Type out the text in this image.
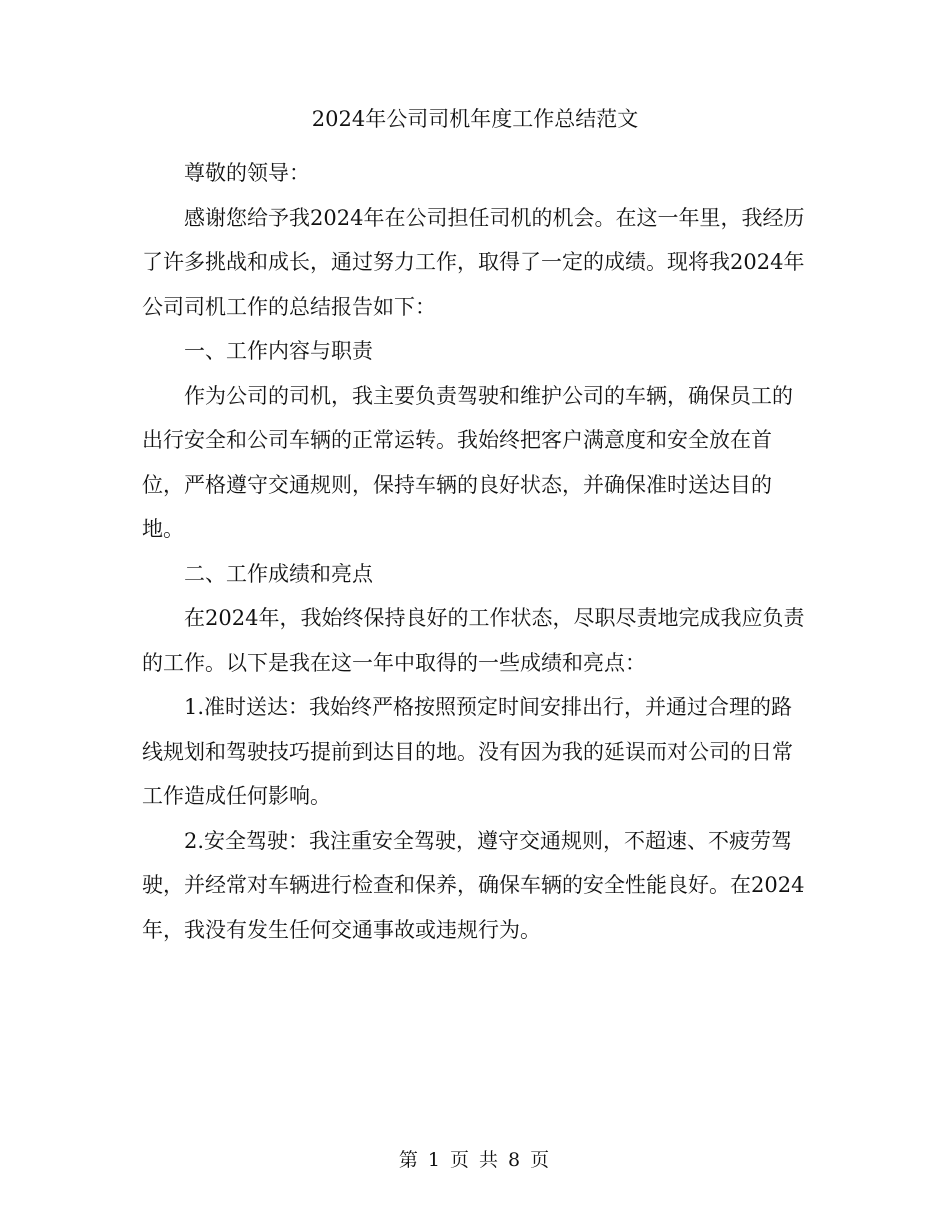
2024年公司司机年度工作总结范文

尊敬的领导：

感谢您给予我2024年在公司担任司机的机会。在这一年里，我经历了许多挑战和成长，通过努力工作，取得了一定的成绩。现将我2024年公司司机工作的总结报告如下：

一、工作内容与职责

作为公司的司机，我主要负责驾驶和维护公司的车辆，确保员工的出行安全和公司车辆的正常运转。我始终把客户满意度和安全放在首位，严格遵守交通规则，保持车辆的良好状态，并确保准时送达目的地。

二、工作成绩和亮点

在2024年，我始终保持良好的工作状态，尽职尽责地完成我应负责的工作。以下是我在这一年中取得的一些成绩和亮点：

1.准时送达：我始终严格按照预定时间安排出行，并通过合理的路线规划和驾驶技巧提前到达目的地。没有因为我的延误而对公司的日常工作造成任何影响。

2.安全驾驶：我注重安全驾驶，遵守交通规则，不超速、不疲劳驾驶，并经常对车辆进行检查和保养，确保车辆的安全性能良好。在2024年，我没有发生任何交通事故或违规行为。

第 1 页 共 8 页
